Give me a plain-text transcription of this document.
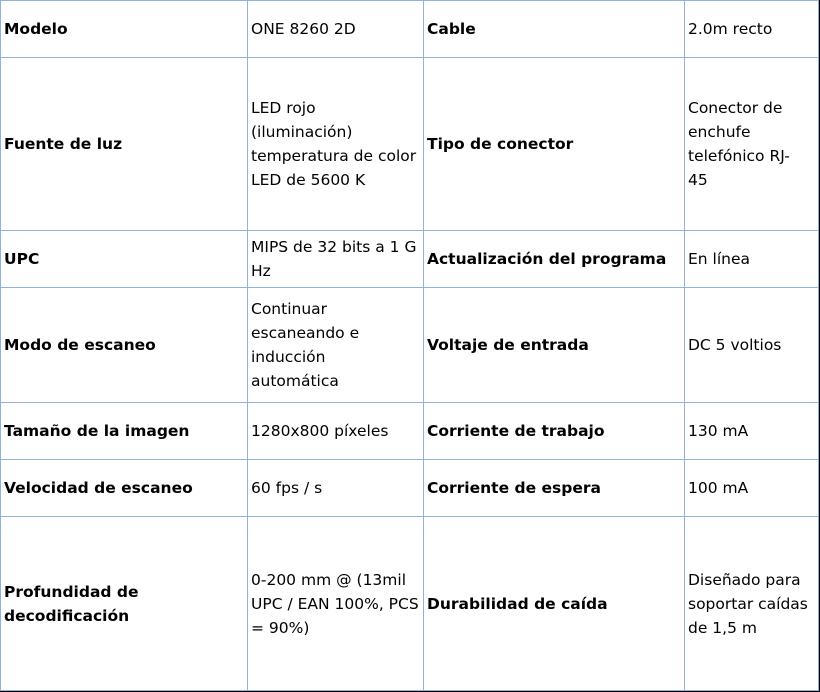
Modelo	ONE 8260 2D	Cable	2.0m recto
Fuente de luz	LED rojo
(iluminación)
temperatura de color
LED de 5600 K	Tipo de conector	Conector de
enchufe
telefónico RJ-
45
UPC	MIPS de 32 bits a 1 G
Hz	Actualización del programa	En línea
Modo de escaneo	Continuar
escaneando e
inducción
automática	Voltaje de entrada	DC 5 voltios
Tamaño de la imagen	1280x800 píxeles	Corriente de trabajo	130 mA
Velocidad de escaneo	60 fps / s	Corriente de espera	100 mA
Profundidad de
decodificación	0-200 mm @ (13mil
UPC / EAN 100%, PCS
= 90%)	Durabilidad de caída	Diseñado para
soportar caídas
de 1,5 m
